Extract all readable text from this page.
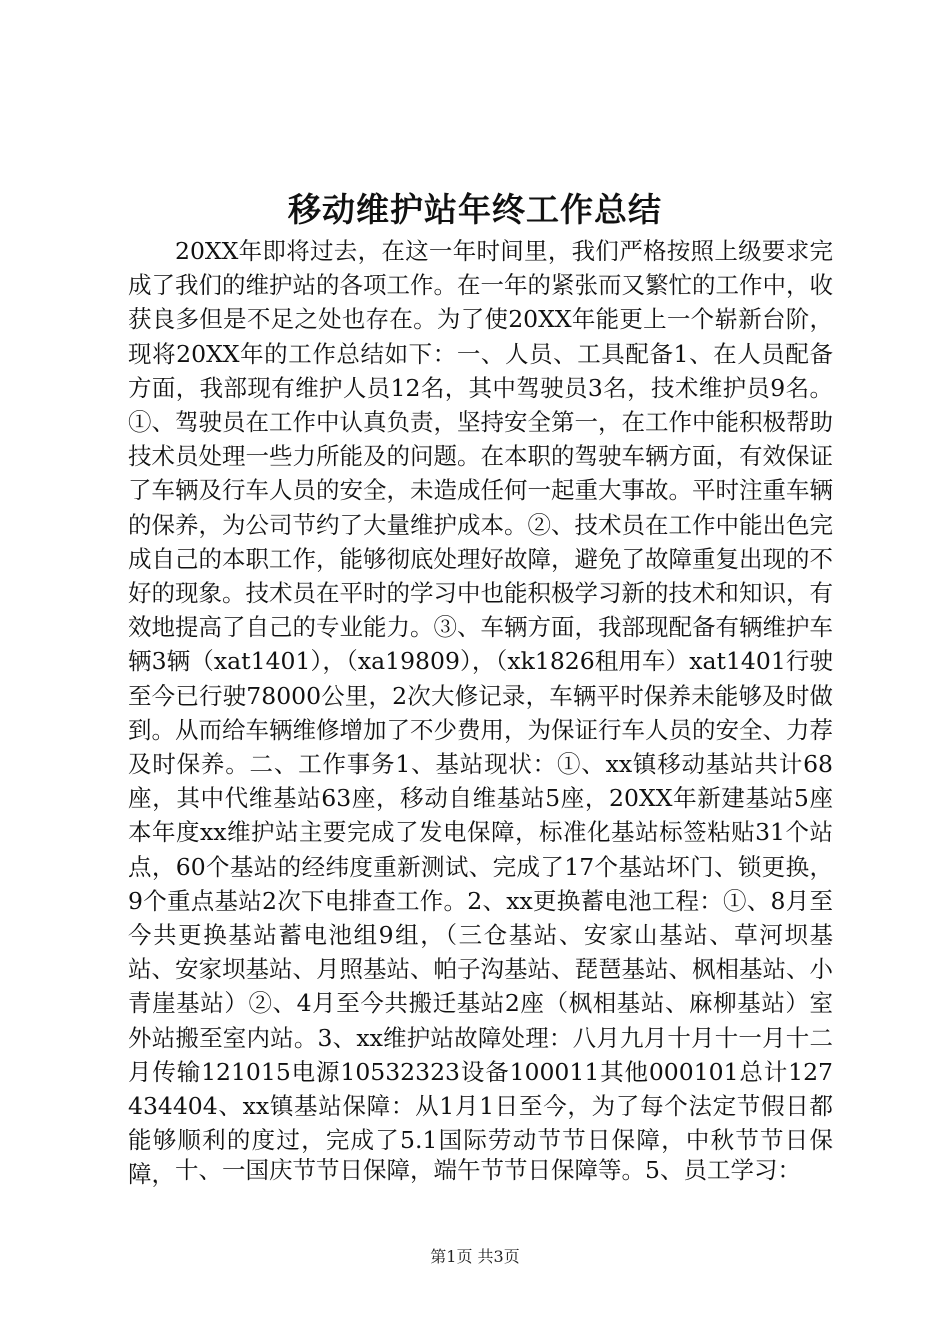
移动维护站年终工作总结

20XX年即将过去，在这一年时间里，我们严格按照上级要求完成了我们的维护站的各项工作。在一年的紧张而又繁忙的工作中，收获良多但是不足之处也存在。为了使20XX年能更上一个崭新台阶，现将20XX年的工作总结如下：一、人员、工具配备1、在人员配备方面，我部现有维护人员12名，其中驾驶员3名，技术维护员9名。①、驾驶员在工作中认真负责，坚持安全第一，在工作中能积极帮助技术员处理一些力所能及的问题。在本职的驾驶车辆方面，有效保证了车辆及行车人员的安全，未造成任何一起重大事故。平时注重车辆的保养，为公司节约了大量维护成本。②、技术员在工作中能出色完成自己的本职工作，能够彻底处理好故障，避免了故障重复出现的不好的现象。技术员在平时的学习中也能积极学习新的技术和知识，有效地提高了自己的专业能力。③、车辆方面，我部现配备有辆维护车辆3辆（xat1401），（xa19809），（xk1826租用车）xat1401行驶至今已行驶78000公里，2次大修记录，车辆平时保养未能够及时做到。从而给车辆维修增加了不少费用，为保证行车人员的安全、力荐及时保养。二、工作事务1、基站现状：①、xx镇移动基站共计68座，其中代维基站63座，移动自维基站5座，20XX年新建基站5座本年度xx维护站主要完成了发电保障，标准化基站标签粘贴31个站点，60个基站的经纬度重新测试、完成了17个基站坏门、锁更换，9个重点基站2次下电排查工作。2、xx更换蓄电池工程：①、8月至今共更换基站蓄电池组9组，（三仓基站、安家山基站、草河坝基站、安家坝基站、月照基站、帕子沟基站、琵琶基站、枫相基站、小青崖基站）②、4月至今共搬迁基站2座（枫相基站、麻柳基站）室外站搬至室内站。3、xx维护站故障处理：八月九月十月十一月十二月传输121015电源10532323设备100011其他000101总计127434404、xx镇基站保障：从1月1日至今，为了每个法定节假日都能够顺利的度过，完成了5.1国际劳动节节日保障，中秋节节日保障， 十、一国庆节节日保障，端午节节日保障等。5、员工学习：

第1页 共3页
